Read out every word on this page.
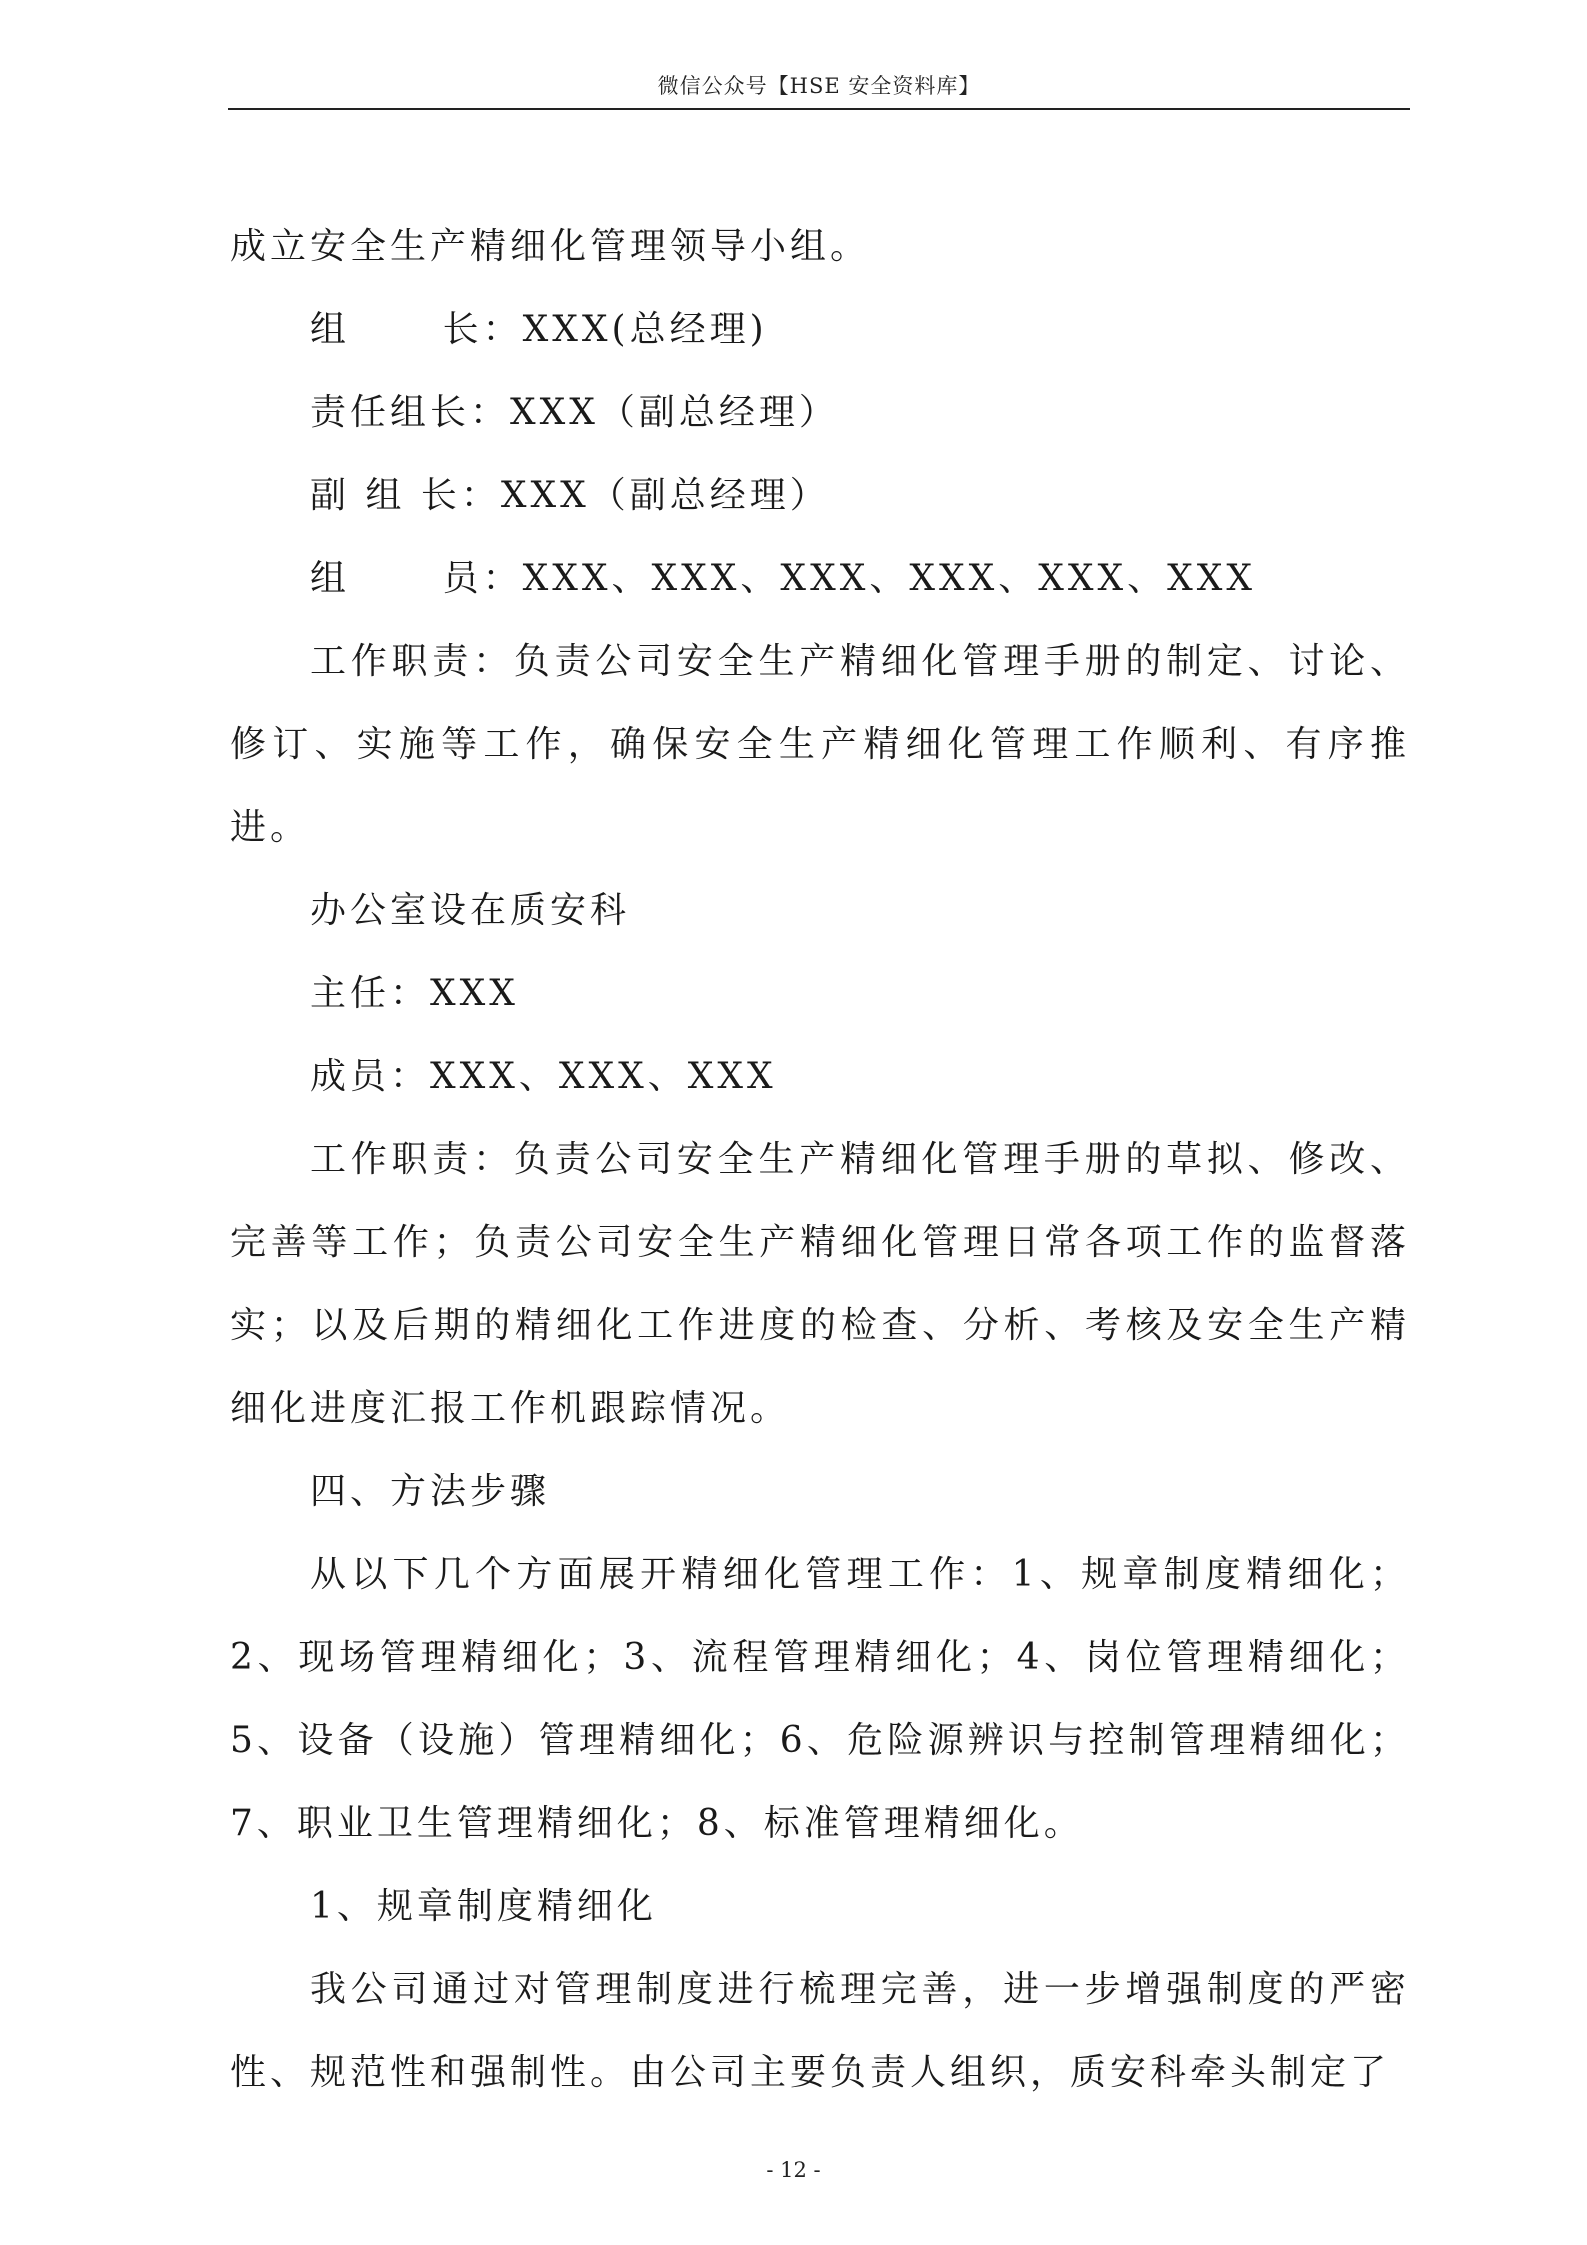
微信公众号【HSE 安全资料库】

成立安全生产精细化管理领导小组。

组      长：XXX(总经理)

责任组长：XXX（副总经理）

副 组 长：XXX（副总经理）

组      员：XXX、XXX、XXX、XXX、XXX、XXX

工作职责：负责公司安全生产精细化管理手册的制定、讨论、修订、实施等工作，确保安全生产精细化管理工作顺利、有序推进。

办公室设在质安科

主任：XXX

成员：XXX、XXX、XXX

工作职责：负责公司安全生产精细化管理手册的草拟、修改、完善等工作；负责公司安全生产精细化管理日常各项工作的监督落实；以及后期的精细化工作进度的检查、分析、考核及安全生产精细化进度汇报工作机跟踪情况。

四、方法步骤

从以下几个方面展开精细化管理工作：1、规章制度精细化；2、现场管理精细化；3、流程管理精细化；4、岗位管理精细化；5、设备（设施）管理精细化；6、危险源辨识与控制管理精细化；7、职业卫生管理精细化；8、标准管理精细化。

1、规章制度精细化

我公司通过对管理制度进行梳理完善，进一步增强制度的严密性、规范性和强制性。由公司主要负责人组织，质安科牵头制定了

- 12 -
